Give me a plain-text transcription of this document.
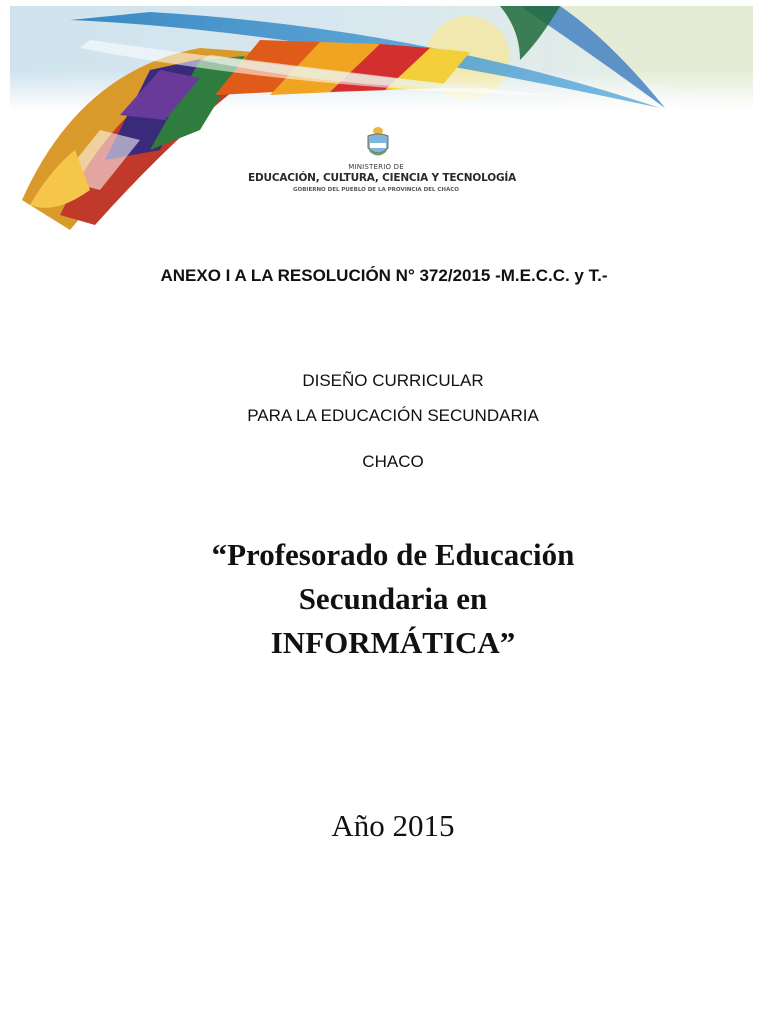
MINISTERIO DE
EDUCACIÓN, CULTURA, CIENCIA Y TECNOLOGÍA
GOBIERNO DEL PUEBLO DE LA PROVINCIA DEL CHACO
ANEXO I A LA RESOLUCIÓN N° 372/2015 -M.E.C.C. y T.-
DISEÑO CURRICULAR
PARA LA EDUCACIÓN SECUNDARIA
CHACO
“Profesorado de Educación
Secundaria en
INFORMÁTICA”
Año 2015
